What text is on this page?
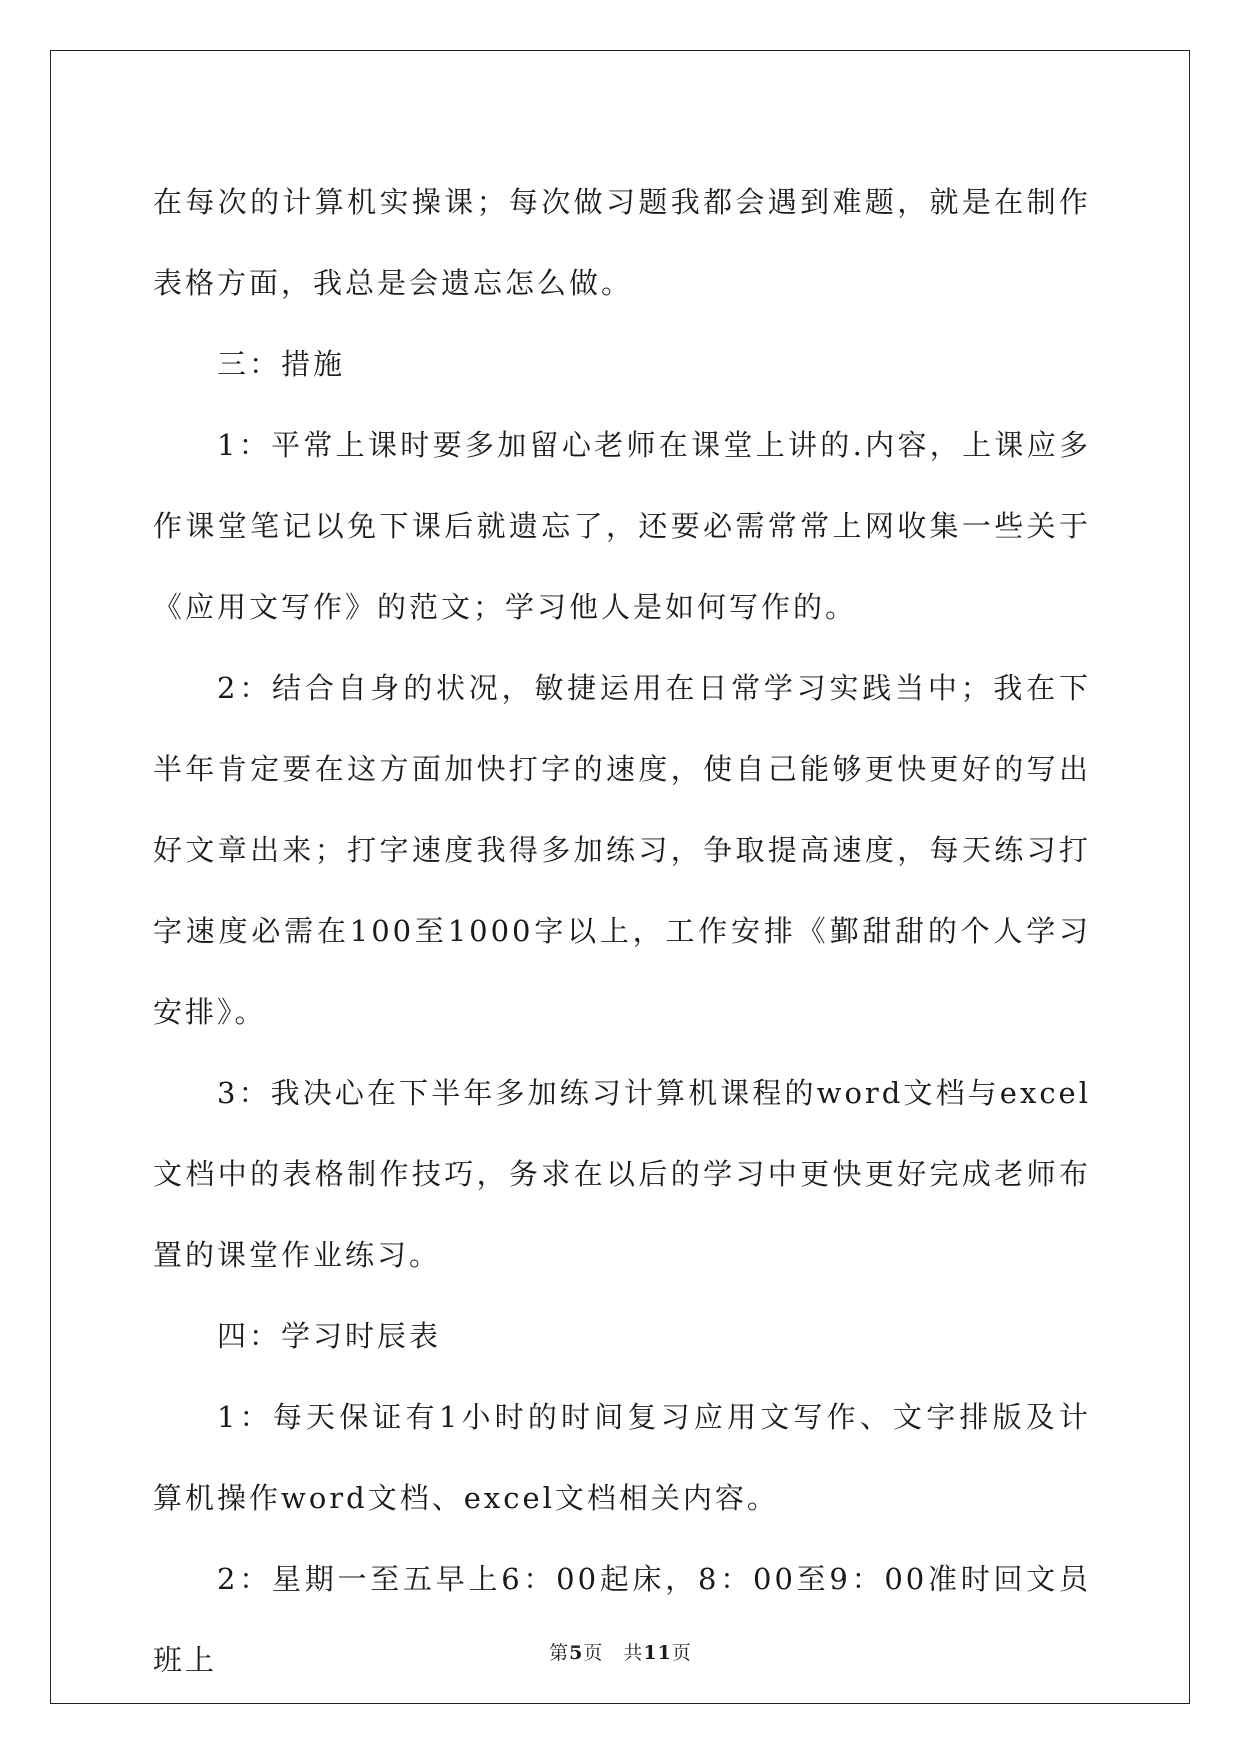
在每次的计算机实操课；每次做习题我都会遇到难题，就是在制作表格方面，我总是会遗忘怎么做。

三：措施

1：平常上课时要多加留心老师在课堂上讲的.内容，上课应多作课堂笔记以免下课后就遗忘了，还要必需常常上网收集一些关于《应用文写作》的范文；学习他人是如何写作的。

2：结合自身的状况，敏捷运用在日常学习实践当中；我在下半年肯定要在这方面加快打字的速度，使自己能够更快更好的写出好文章出来；打字速度我得多加练习，争取提高速度，每天练习打字速度必需在100至1000字以上，工作安排《鄞甜甜的个人学习安排》。

3：我决心在下半年多加练习计算机课程的word文档与excel文档中的表格制作技巧，务求在以后的学习中更快更好完成老师布置的课堂作业练习。

四：学习时辰表

1：每天保证有1小时的时间复习应用文写作、文字排版及计算机操作word文档、excel文档相关内容。

2：星期一至五早上6：00起床，8：00至9：00准时回文员班上	第5页　共11页
